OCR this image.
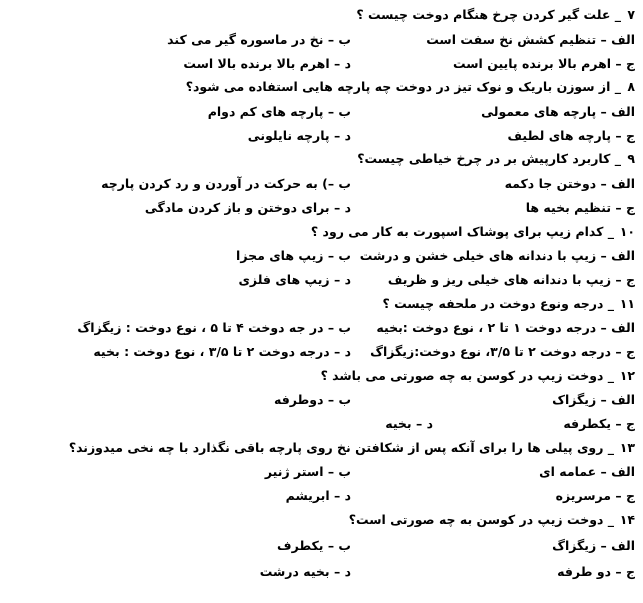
۷
_ علت گیر کردن چرخ هنگام دوخت چیست ؟
الف – تنظیم کشش نخ سفت است
ب – نخ در ماسوره گیر می کند
ج – اهرم بالا برنده پایین است
د – اهرم بالا برنده بالا است
۸
_ از سوزن باریک و نوک تیز در دوخت چه پارچه هایی استفاده می شود؟
الف – پارچه های معمولی
ب – پارچه های کم دوام
ج – پارچه های لطیف
د – پارچه نایلونی
۹
_ کاربرد کارپیش بر در چرخ خیاطی چیست؟
الف – دوختن جا دکمه
ب –) به حرکت در آوردن و رد کردن پارچه
ج – تنظیم بخیه ها
د – برای دوختن و باز کردن مادگی
۱۰
_ کدام زیپ برای پوشاک اسپورت به کار می رود ؟
الف – زیپ با دندانه های خیلی خشن و درشت
ب – زیپ های مجزا
ج – زیپ با دندانه های خیلی ریز و ظریف
د – زیپ های فلزی
۱۱
_ درجه ونوع دوخت در ملحفه چیست ؟
الف – درجه دوخت ۱ تا ۲ ، نوع دوخت :بخیه
ب – در جه دوخت ۴ تا ۵ ، نوع دوخت : زیگزاگ
ج – درجه دوخت ۲ تا ۳/۵، نوع دوخت:زیگزاگ
د – درجه دوخت ۲ تا ۳/۵ ، نوع دوخت : بخیه
۱۲
_ دوخت زیپ در کوسن به چه صورتی می باشد ؟
الف – زیگزاک
ب – دوطرفه
ج – یکطرفه
د – بخیه
۱۳
_ روی پیلی ها را برای آنکه پس از شکافتن نخ روی پارچه باقی نگذارد با چه نخی میدوزند؟
الف – عمامه ای
ب – استر ژنیر
ج – مرسریزه
د – ابریشم
۱۴
_ دوخت زیپ در کوسن به چه صورتی است؟
الف – زیگزاگ
ب – یکطرف
ج – دو طرفه
د – بخیه درشت
